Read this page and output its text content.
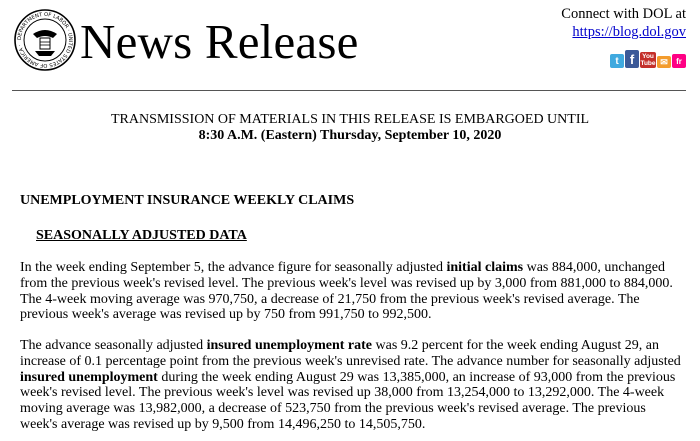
DEPARTMENT OF LABOR · UNITED STATES OF AMERICA ·	News Release	Connect with DOL at
https://blog.dol.gov
t f	You
Tube ✉	fr
TRANSMISSION OF MATERIALS IN THIS RELEASE IS EMBARGOED UNTIL
8:30 A.M. (Eastern) Thursday, September 10, 2020
UNEMPLOYMENT INSURANCE WEEKLY CLAIMS
SEASONALLY ADJUSTED DATA
In the week ending September 5, the advance figure for seasonally adjusted initial claims was 884,000, unchanged from the previous week's revised level. The previous week's level was revised up by 3,000 from 881,000 to 884,000. The 4-week moving average was 970,750, a decrease of 21,750 from the previous week's revised average. The previous week's average was revised up by 750 from 991,750 to 992,500.
The advance seasonally adjusted insured unemployment rate was 9.2 percent for the week ending August 29, an increase of 0.1 percentage point from the previous week's unrevised rate. The advance number for seasonally adjusted insured unemployment during the week ending August 29 was 13,385,000, an increase of 93,000 from the previous week's revised level. The previous week's level was revised up 38,000 from 13,254,000 to 13,292,000. The 4-week moving average was 13,982,000, a decrease of 523,750 from the previous week's revised average. The previous week's average was revised up by 9,500 from 14,496,250 to 14,505,750.
